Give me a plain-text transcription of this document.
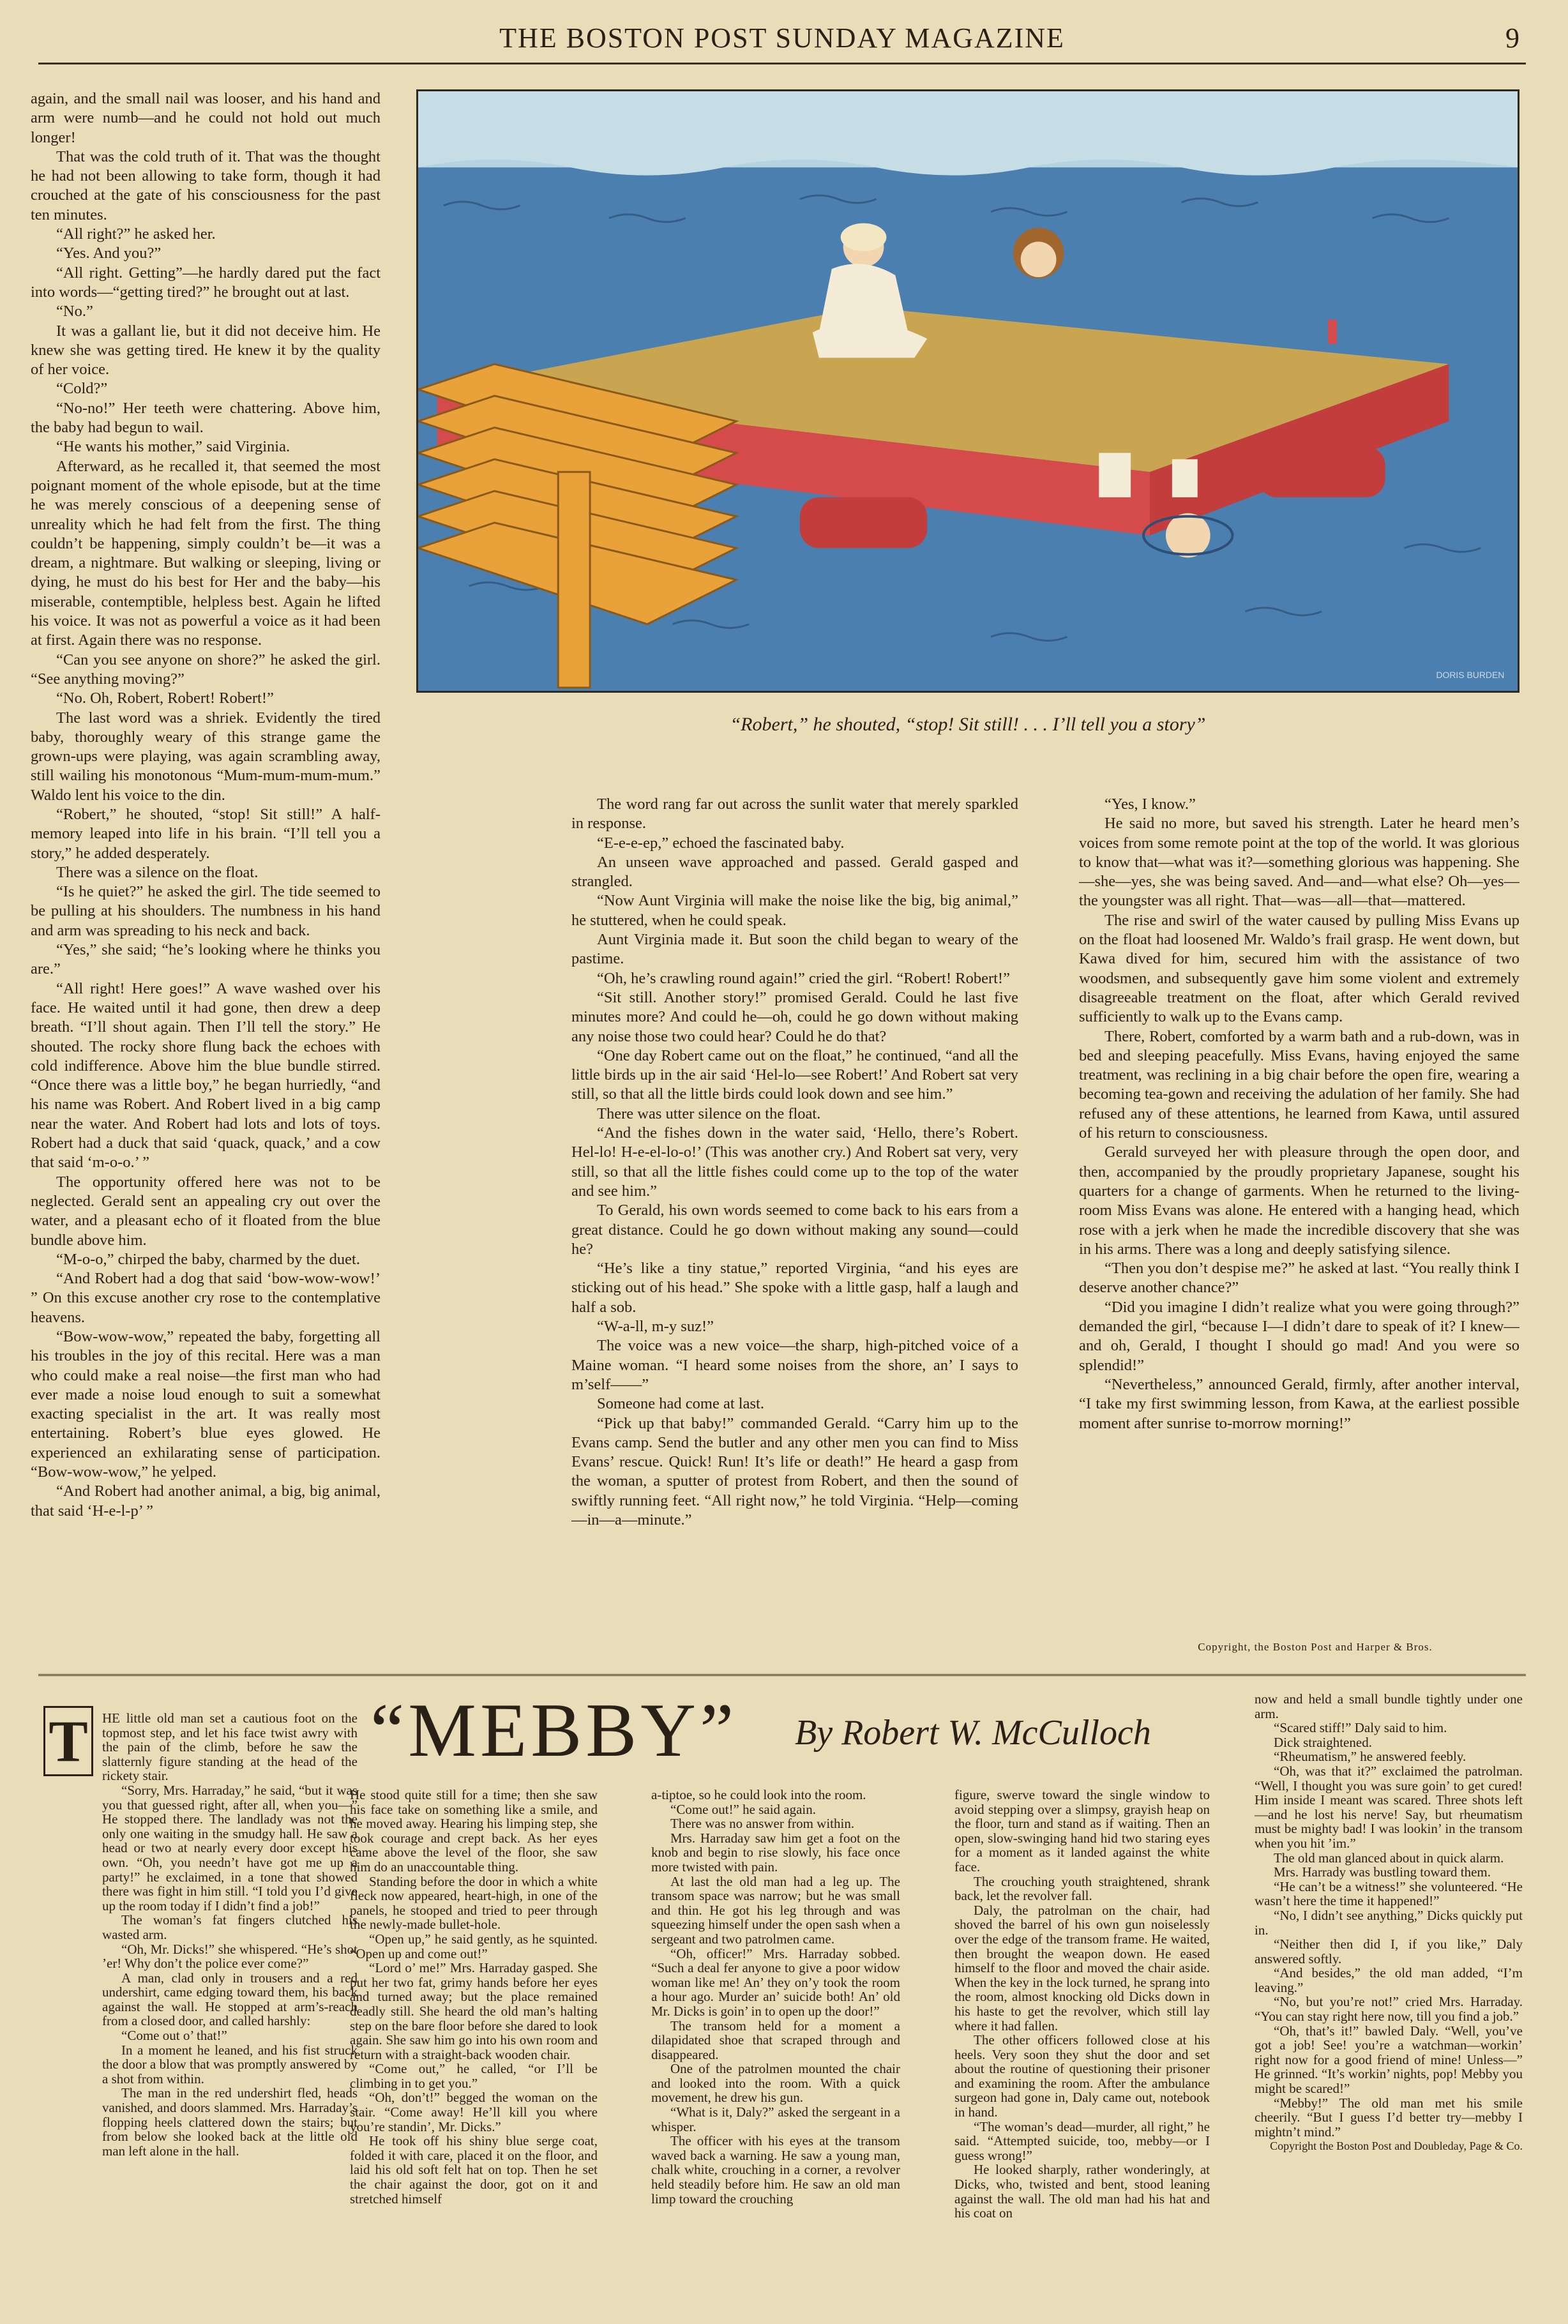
THE BOSTON POST SUNDAY MAGAZINE	9

again, and the small nail was looser, and his hand and arm were numb—and he could not hold out much longer!

That was the cold truth of it. That was the thought he had not been allowing to take form, though it had crouched at the gate of his consciousness for the past ten minutes.

“All right?” he asked her.

“Yes. And you?”

“All right. Getting”—he hardly dared put the fact into words—“getting tired?” he brought out at last.

“No.”

It was a gallant lie, but it did not deceive him. He knew she was getting tired. He knew it by the quality of her voice.

“Cold?”

“No-no!” Her teeth were chattering. Above him, the baby had begun to wail.

“He wants his mother,” said Virginia.

Afterward, as he recalled it, that seemed the most poignant moment of the whole episode, but at the time he was merely conscious of a deepening sense of unreality which he had felt from the first. The thing couldn’t be happening, simply couldn’t be—it was a dream, a nightmare. But walking or sleeping, living or dying, he must do his best for Her and the baby—his miserable, contemptible, helpless best. Again he lifted his voice. It was not as powerful a voice as it had been at first. Again there was no response.

“Can you see anyone on shore?” he asked the girl. “See anything moving?”

“No. Oh, Robert, Robert! Robert!”

The last word was a shriek. Evidently the tired baby, thoroughly weary of this strange game the grown-ups were playing, was again scrambling away, still wailing his monotonous “Mum-mum-mum-mum.” Waldo lent his voice to the din.

“Robert,” he shouted, “stop! Sit still!” A half-memory leaped into life in his brain. “I’ll tell you a story,” he added desperately.

There was a silence on the float.

“Is he quiet?” he asked the girl. The tide seemed to be pulling at his shoulders. The numbness in his hand and arm was spreading to his neck and back.

“Yes,” she said; “he’s looking where he thinks you are.”

“All right! Here goes!” A wave washed over his face. He waited until it had gone, then drew a deep breath. “I’ll shout again. Then I’ll tell the story.” He shouted. The rocky shore flung back the echoes with cold indifference. Above him the blue bundle stirred. “Once there was a little boy,” he began hurriedly, “and his name was Robert. And Robert lived in a big camp near the water. And Robert had lots and lots of toys. Robert had a duck that said ‘quack, quack,’ and a cow that said ‘m-o-o.’ ”

The opportunity offered here was not to be neglected. Gerald sent an appealing cry out over the water, and a pleasant echo of it floated from the blue bundle above him.

“M-o-o,” chirped the baby, charmed by the duet.

“And Robert had a dog that said ‘bow-wow-wow!’ ” On this excuse another cry rose to the contemplative heavens.

“Bow-wow-wow,” repeated the baby, forgetting all his troubles in the joy of this recital. Here was a man who could make a real noise—the first man who had ever made a noise loud enough to suit a somewhat exacting specialist in the art. It was really most entertaining. Robert’s blue eyes glowed. He experienced an exhilarating sense of participation. “Bow-wow-wow,” he yelped.

“And Robert had another animal, a big, big animal, that said ‘H-e-l-p’ ”

DORIS BURDEN
“Robert,” he shouted, “stop! Sit still! . . . I’ll tell you a story”

The word rang far out across the sunlit water that merely sparkled in response.

“E-e-e-ep,” echoed the fascinated baby.

An unseen wave approached and passed. Gerald gasped and strangled.

“Now Aunt Virginia will make the noise like the big, big animal,” he stuttered, when he could speak.

Aunt Virginia made it. But soon the child began to weary of the pastime.

“Oh, he’s crawling round again!” cried the girl. “Robert! Robert!”

“Sit still. Another story!” promised Gerald. Could he last five minutes more? And could he—oh, could he go down without making any noise those two could hear? Could he do that?

“One day Robert came out on the float,” he continued, “and all the little birds up in the air said ‘Hel-lo—see Robert!’ And Robert sat very still, so that all the little birds could look down and see him.”

There was utter silence on the float.

“And the fishes down in the water said, ‘Hello, there’s Robert. Hel-lo! H-e-el-lo-o!’ (This was another cry.) And Robert sat very, very still, so that all the little fishes could come up to the top of the water and see him.”

To Gerald, his own words seemed to come back to his ears from a great distance. Could he go down without making any sound—could he?

“He’s like a tiny statue,” reported Virginia, “and his eyes are sticking out of his head.” She spoke with a little gasp, half a laugh and half a sob.

“W-a-ll, m-y suz!”

The voice was a new voice—the sharp, high-pitched voice of a Maine woman. “I heard some noises from the shore, an’ I says to m’self——”

Someone had come at last.

“Pick up that baby!” commanded Gerald. “Carry him up to the Evans camp. Send the butler and any other men you can find to Miss Evans’ rescue. Quick! Run! It’s life or death!” He heard a gasp from the woman, a sputter of protest from Robert, and then the sound of swiftly running feet. “All right now,” he told Virginia. “Help—coming—in—a—minute.”

“Yes, I know.”

He said no more, but saved his strength. Later he heard men’s voices from some remote point at the top of the world. It was glorious to know that—what was it?—something glorious was happening. She—she—yes, she was being saved. And—and—what else? Oh—yes—the youngster was all right. That—was—all—that—mattered.

The rise and swirl of the water caused by pulling Miss Evans up on the float had loosened Mr. Waldo’s frail grasp. He went down, but Kawa dived for him, secured him with the assistance of two woodsmen, and subsequently gave him some violent and extremely disagreeable treatment on the float, after which Gerald revived sufficiently to walk up to the Evans camp.

There, Robert, comforted by a warm bath and a rub-down, was in bed and sleeping peacefully. Miss Evans, having enjoyed the same treatment, was reclining in a big chair before the open fire, wearing a becoming tea-gown and receiving the adulation of her family. She had refused any of these attentions, he learned from Kawa, until assured of his return to consciousness.

Gerald surveyed her with pleasure through the open door, and then, accompanied by the proudly proprietary Japanese, sought his quarters for a change of garments. When he returned to the living-room Miss Evans was alone. He entered with a hanging head, which rose with a jerk when he made the incredible discovery that she was in his arms. There was a long and deeply satisfying silence.

“Then you don’t despise me?” he asked at last. “You really think I deserve another chance?”

“Did you imagine I didn’t realize what you were going through?” demanded the girl, “because I—I didn’t dare to speak of it? I knew—and oh, Gerald, I thought I should go mad! And you were so splendid!”

“Nevertheless,” announced Gerald, firmly, after another interval, “I take my first swimming lesson, from Kawa, at the earliest possible moment after sunrise to-morrow morning!”

Copyright, the Boston Post and Harper & Bros.
T	“MEBBY” By Robert W. McCulloch

HE little old man set a cautious foot on the topmost step, and let his face twist awry with the pain of the climb, before he saw the slatternly figure standing at the head of the rickety stair.

“Sorry, Mrs. Harraday,” he said, “but it was you that guessed right, after all, when you—” He stopped there. The landlady was not the only one waiting in the smudgy hall. He saw a head or two at nearly every door except his own. “Oh, you needn’t have got me up a party!” he exclaimed, in a tone that showed there was fight in him still. “I told you I’d give up the room today if I didn’t find a job!”

The woman’s fat fingers clutched his wasted arm.

“Oh, Mr. Dicks!” she whispered. “He’s shot ’er! Why don’t the police ever come?”

A man, clad only in trousers and a red undershirt, came edging toward them, his back against the wall. He stopped at arm’s-reach from a closed door, and called harshly:

“Come out o’ that!”

In a moment he leaned, and his fist struck the door a blow that was promptly answered by a shot from within.

The man in the red undershirt fled, heads vanished, and doors slammed. Mrs. Harraday’s flopping heels clattered down the stairs; but from below she looked back at the little old man left alone in the hall.

He stood quite still for a time; then she saw his face take on something like a smile, and he moved away. Hearing his limping step, she took courage and crept back. As her eyes came above the level of the floor, she saw him do an unaccountable thing.

Standing before the door in which a white fleck now appeared, heart-high, in one of the panels, he stooped and tried to peer through the newly-made bullet-hole.

“Open up,” he said gently, as he squinted. “Open up and come out!”

“Lord o’ me!” Mrs. Harraday gasped. She put her two fat, grimy hands before her eyes and turned away; but the place remained deadly still. She heard the old man’s halting step on the bare floor before she dared to look again. She saw him go into his own room and return with a straight-back wooden chair.

“Come out,” he called, “or I’ll be climbing in to get you.”

“Oh, don’t!” begged the woman on the stair. “Come away! He’ll kill you where you’re standin’, Mr. Dicks.”

He took off his shiny blue serge coat, folded it with care, placed it on the floor, and laid his old soft felt hat on top. Then he set the chair against the door, got on it and stretched himself

a-tiptoe, so he could look into the room.

“Come out!” he said again.

There was no answer from within.

Mrs. Harraday saw him get a foot on the knob and begin to rise slowly, his face once more twisted with pain.

At last the old man had a leg up. The transom space was narrow; but he was small and thin. He got his leg through and was squeezing himself under the open sash when a sergeant and two patrolmen came.

“Oh, officer!” Mrs. Harraday sobbed. “Such a deal fer anyone to give a poor widow woman like me! An’ they on’y took the room a hour ago. Murder an’ suicide both! An’ old Mr. Dicks is goin’ in to open up the door!”

The transom held for a moment a dilapidated shoe that scraped through and disappeared.

One of the patrolmen mounted the chair and looked into the room. With a quick movement, he drew his gun.

“What is it, Daly?” asked the sergeant in a whisper.

The officer with his eyes at the transom waved back a warning. He saw a young man, chalk white, crouching in a corner, a revolver held steadily before him. He saw an old man limp toward the crouching

figure, swerve toward the single window to avoid stepping over a slimpsy, grayish heap on the floor, turn and stand as if waiting. Then an open, slow-swinging hand hid two staring eyes for a moment as it landed against the white face.

The crouching youth straightened, shrank back, let the revolver fall.

Daly, the patrolman on the chair, had shoved the barrel of his own gun noiselessly over the edge of the transom frame. He waited, then brought the weapon down. He eased himself to the floor and moved the chair aside. When the key in the lock turned, he sprang into the room, almost knocking old Dicks down in his haste to get the revolver, which still lay where it had fallen.

The other officers followed close at his heels. Very soon they shut the door and set about the routine of questioning their prisoner and examining the room. After the ambulance surgeon had gone in, Daly came out, notebook in hand.

“The woman’s dead—murder, all right,” he said. “Attempted suicide, too, mebby—or I guess wrong!”

He looked sharply, rather wonderingly, at Dicks, who, twisted and bent, stood leaning against the wall. The old man had his hat and his coat on

now and held a small bundle tightly under one arm.

“Scared stiff!” Daly said to him.

Dick straightened.

“Rheumatism,” he answered feebly.

“Oh, was that it?” exclaimed the patrolman. “Well, I thought you was sure goin’ to get cured! Him inside I meant was scared. Three shots left—and he lost his nerve! Say, but rheumatism must be mighty bad! I was lookin’ in the transom when you hit ’im.”

The old man glanced about in quick alarm.

Mrs. Harrady was bustling toward them.

“He can’t be a witness!” she volunteered. “He wasn’t here the time it happened!”

“No, I didn’t see anything,” Dicks quickly put in.

“Neither then did I, if you like,” Daly answered softly.

“And besides,” the old man added, “I’m leaving.”

“No, but you’re not!” cried Mrs. Harraday. “You can stay right here now, till you find a job.”

“Oh, that’s it!” bawled Daly. “Well, you’ve got a job! See! you’re a watchman—workin’ right now for a good friend of mine! Unless—” He grinned. “It’s workin’ nights, pop! Mebby you might be scared!”

“Mebby!” The old man met his smile cheerily. “But I guess I’d better try—mebby I mightn’t mind.”

Copyright the Boston Post and Doubleday, Page & Co.
